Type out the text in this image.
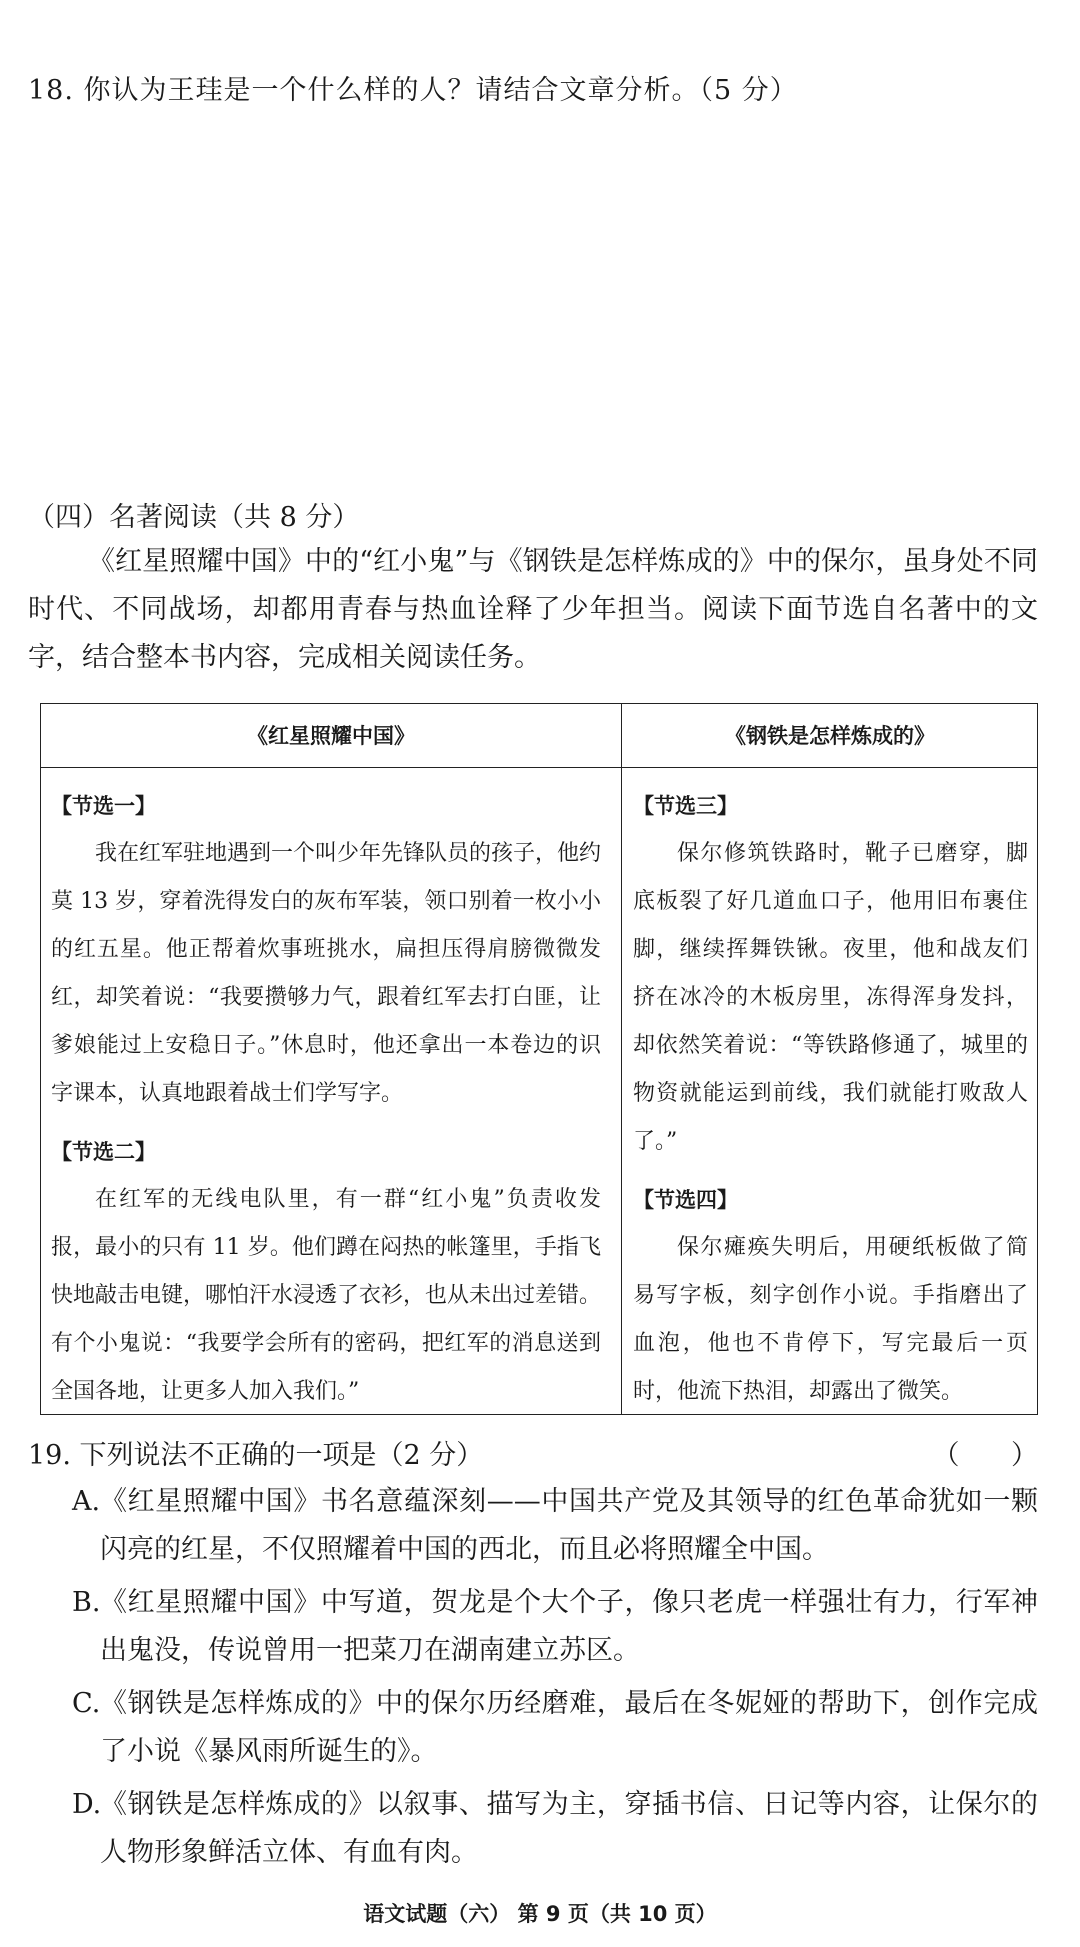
18. 你认为王珪是一个什么样的人？请结合文章分析。（5 分）
（四）名著阅读（共 8 分）

《红星照耀中国》中的“红小鬼”与《钢铁是怎样炼成的》中的保尔，虽身处不同时代、不同战场，却都用青春与热血诠释了少年担当。阅读下面节选自名著中的文字，结合整本书内容，完成相关阅读任务。

《红星照耀中国》	《钢铁是怎样炼成的》
【节选一】

我在红军驻地遇到一个叫少年先锋队员的孩子，他约莫 13 岁，穿着洗得发白的灰布军装，领口别着一枚小小的红五星。他正帮着炊事班挑水，扁担压得肩膀微微发红，却笑着说：“我要攒够力气，跟着红军去打白匪，让爹娘能过上安稳日子。”休息时，他还拿出一本卷边的识字课本，认真地跟着战士们学写字。

【节选二】

在红军的无线电队里，有一群“红小鬼”负责收发报，最小的只有 11 岁。他们蹲在闷热的帐篷里，手指飞快地敲击电键，哪怕汗水浸透了衣衫，也从未出过差错。有个小鬼说：“我要学会所有的密码，把红军的消息送到全国各地，让更多人加入我们。”

【节选三】

保尔修筑铁路时，靴子已磨穿，脚底板裂了好几道血口子，他用旧布裹住脚，继续挥舞铁锹。夜里，他和战友们挤在冰冷的木板房里，冻得浑身发抖，却依然笑着说：“等铁路修通了，城里的物资就能运到前线，我们就能打败敌人了。”

【节选四】

保尔瘫痪失明后，用硬纸板做了简易写字板，刻字创作小说。手指磨出了血泡，他也不肯停下，写完最后一页时，他流下热泪，却露出了微笑。

19. 下列说法不正确的一项是（2 分）	（      ）
A. 《红星照耀中国》书名意蕴深刻——中国共产党及其领导的红色革命犹如一颗闪亮的红星，不仅照耀着中国的西北，而且必将照耀全中国。
B. 《红星照耀中国》中写道，贺龙是个大个子，像只老虎一样强壮有力，行军神出鬼没，传说曾用一把菜刀在湖南建立苏区。
C. 《钢铁是怎样炼成的》中的保尔历经磨难，最后在冬妮娅的帮助下，创作完成了小说《暴风雨所诞生的》。
D.
《钢铁是怎样炼成的》以叙事、描写为主，穿插书信、日记等内容，让保尔的人物形象鲜活立体、有血有肉。
语文试题（六） 第 9 页（共 10 页）
